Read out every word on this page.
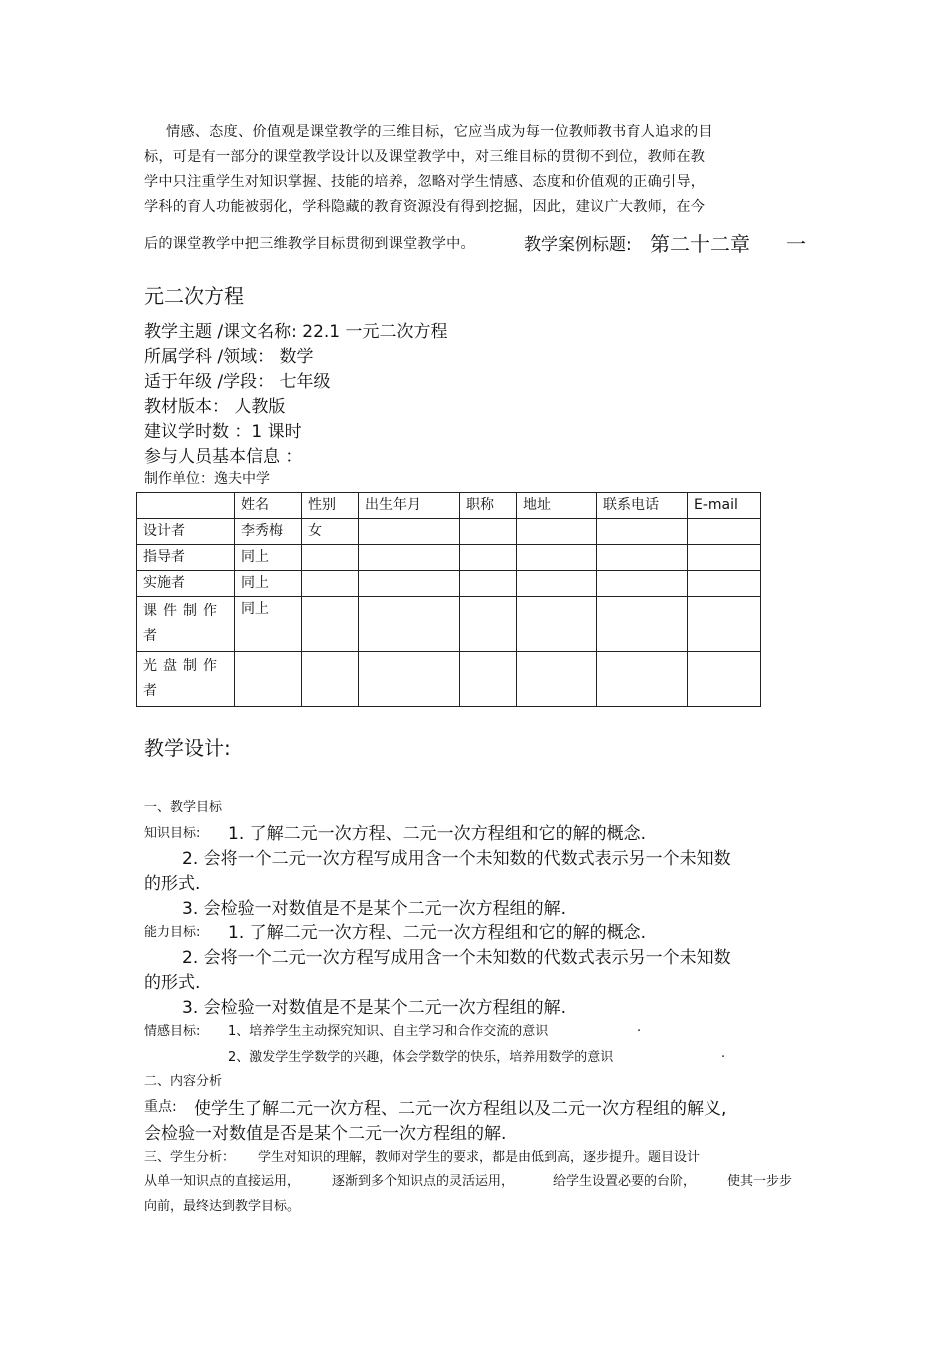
情感、态度、价值观是课堂教学的三维目标，它应当成为每一位教师教书育人追求的目
标，可是有一部分的课堂教学设计以及课堂教学中，对三维目标的贯彻不到位，教师在教
学中只注重学生对知识掌握、技能的培养，忽略对学生情感、态度和价值观的正确引导，
学科的育人功能被弱化，学科隐藏的教育资源没有得到挖掘，因此，建议广大教师，在今
后的课堂教学中把三维教学目标贯彻到课堂教学中。	教学案例标题: 第二十二章 一
元二次方程
教学主题 /课文名称: 22.1 一元二次方程
所属学科 /领域： 数学
适于年级 /学段： 七年级
教材版本： 人教版
建议学时数 ：1 课时
参与人员基本信息 ：
制作单位：逸夫中学
	姓名	性别	出生年月	职称	地址	联系电话	E-mail
设计者	李秀梅	女					
指导者	同上						
实施者	同上						
课件制作者	同上						
光盘制作者							
教学设计:
一、教学目标
知识目标: 1. 了解二元一次方程、二元一次方程组和它的解的概念.
2. 会将一个二元一次方程写成用含一个未知数的代数式表示另一个未知数
的形式.
3. 会检验一对数值是不是某个二元一次方程组的解.
能力目标: 1. 了解二元一次方程、二元一次方程组和它的解的概念.
2. 会将一个二元一次方程写成用含一个未知数的代数式表示另一个未知数
的形式.
3. 会检验一对数值是不是某个二元一次方程组的解.
情感目标: 1、培养学生主动探究知识、自主学习和合作交流的意识	.
2、激发学生学数学的兴趣，体会学数学的快乐，培养用数学的意识	.
二、内容分析
重点: 使学生了解二元一次方程、二元一次方程组以及二元一次方程组的解义,
会检验一对数值是否是某个二元一次方程组的解.
三、学生分析： 学生对知识的理解，教师对学生的要求，都是由低到高，逐步提升。题目设计
从单一知识点的直接运用， 逐渐到多个知识点的灵活运用，	给学生设置必要的台阶， 使其一步步
向前，最终达到教学目标。
